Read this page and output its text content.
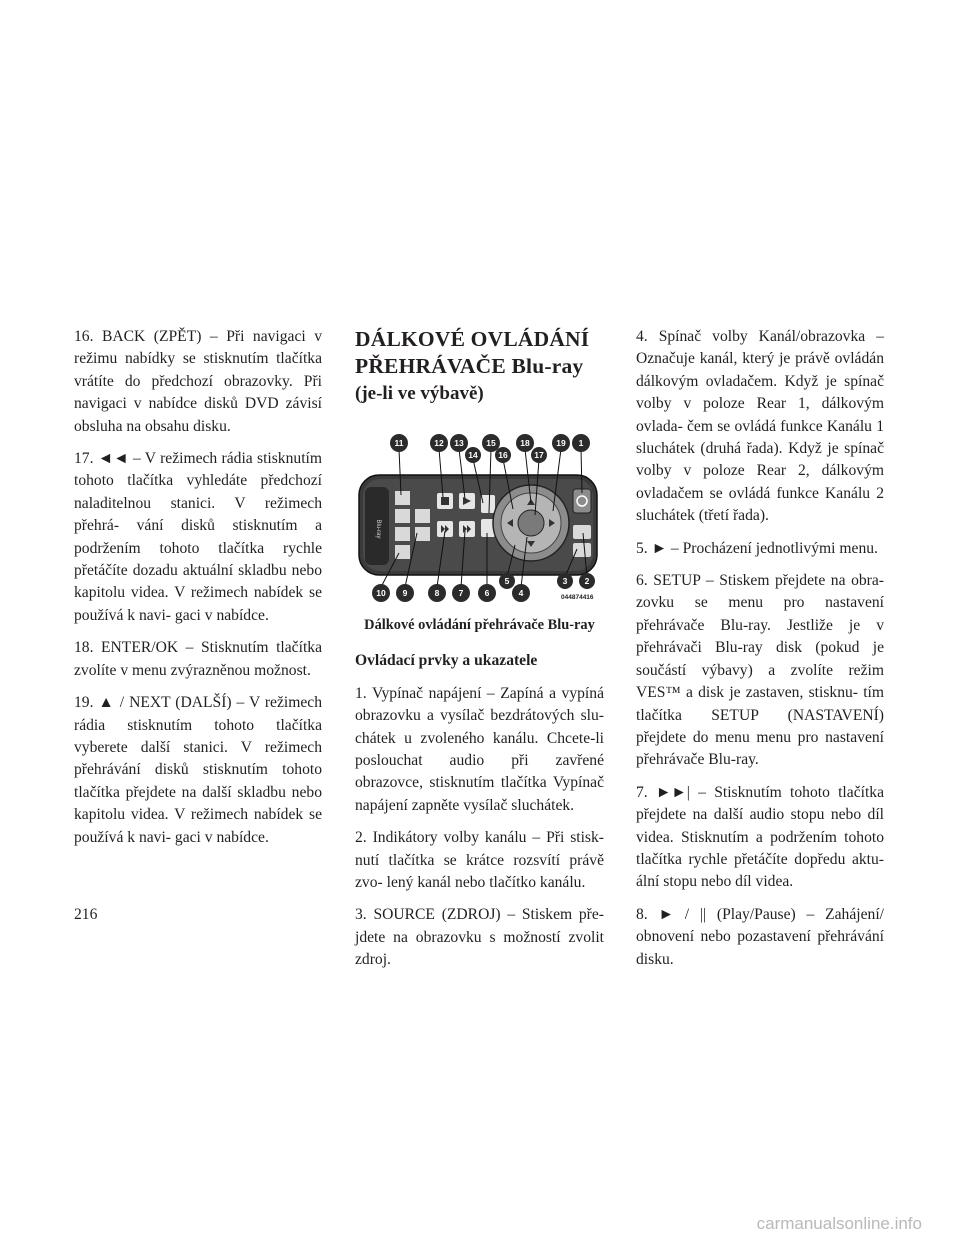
16. BACK (ZPĚT) – Při navigaci v režimu nabídky se stisknutím tlačítka vrátíte do předchozí obrazovky. Při navigaci v nabídce disků DVD závisí obsluha na obsahu disku.

17. ◄◄ – V režimech rádia stisknutím tohoto tlačítka vyhledáte předchozí naladitelnou stanici. V režimech přehrá- vání disků stisknutím a podržením tohoto tlačítka rychle přetáčíte dozadu aktuální skladbu nebo kapitolu videa. V režimech nabídek se používá k navi- gaci v nabídce.

18. ENTER/OK – Stisknutím tlačítka zvolíte v menu zvýrazněnou možnost.

19. ▲ / NEXT (DALŠÍ) – V režimech rádia stisknutím tohoto tlačítka vyberete další stanici. V režimech přehrávání disků stisknutím tohoto tlačítka přejdete na další skladbu nebo kapitolu videa. V režimech nabídek se používá k navi- gaci v nabídce.

DÁLKOVÉ OVLÁDÁNÍ
PŘEHRÁVAČE Blu-ray
(je-li ve výbavě)
Blu-ray
11	12 13
14
15
16
18
17
19 1
10 9	8 7	6
5
4
3 2
044874416
Dálkové ovládání přehrávače Blu-ray

Ovládací prvky a ukazatele

1. Vypínač napájení – Zapíná a vypíná obrazovku a vysílač bezdrátových slu- chátek u zvoleného kanálu. Chcete-li poslouchat audio při zavřené obrazovce, stisknutím tlačítka Vypínač napájení zapněte vysílač sluchátek.

2. Indikátory volby kanálu – Při stisk- nutí tlačítka se krátce rozsvítí právě zvo- lený kanál nebo tlačítko kanálu.

3. SOURCE (ZDROJ) – Stiskem pře- jdete na obrazovku s možností zvolit zdroj.

4. Spínač volby Kanál/obrazovka – Označuje kanál, který je právě ovládán dálkovým ovladačem. Když je spínač volby v poloze Rear 1, dálkovým ovlada- čem se ovládá funkce Kanálu 1 sluchátek (druhá řada). Když je spínač volby v poloze Rear 2, dálkovým ovladačem se ovládá funkce Kanálu 2 sluchátek (třetí řada).

5. ► – Procházení jednotlivými menu.

6. SETUP – Stiskem přejdete na obra- zovku se menu pro nastavení přehrávače Blu-ray. Jestliže je v přehrávači Blu-ray disk (pokud je součástí výbavy) a zvolíte režim VES™ a disk je zastaven, stisknu- tím tlačítka SETUP (NASTAVENÍ) přejdete do menu menu pro nastavení přehrávače Blu-ray.

7. ►►| – Stisknutím tohoto tlačítka přejdete na další audio stopu nebo díl videa. Stisknutím a podržením tohoto tlačítka rychle přetáčíte dopředu aktu- ální stopu nebo díl videa.

8. ► / || (Play/Pause) – Zahájení/ obnovení nebo pozastavení přehrávání disku.

216
carmanualsonline.info
